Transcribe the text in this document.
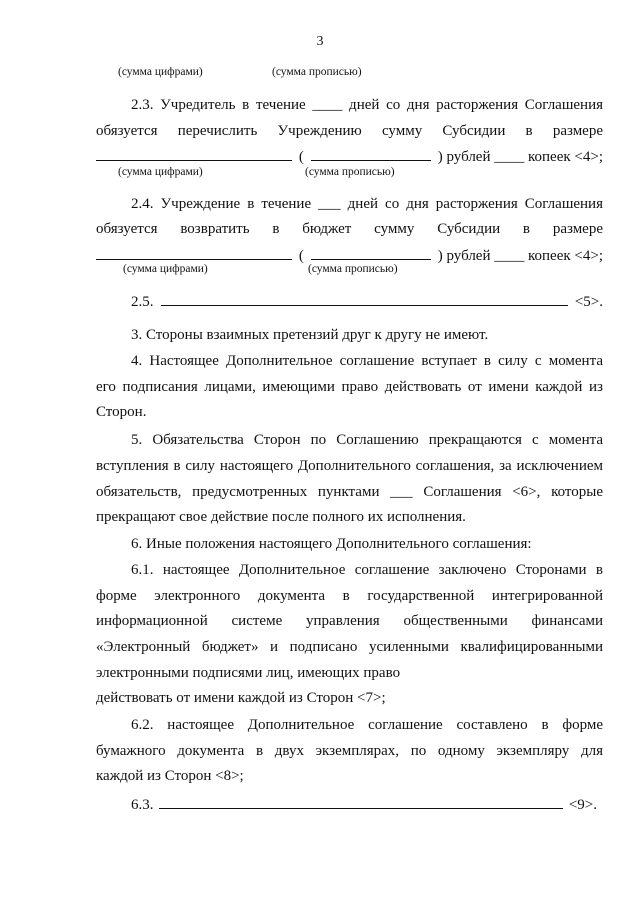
3
(сумма цифрами)	(сумма прописью)
2.3. Учредитель в течение ____ дней со дня расторжения Соглашения
обязуется перечислить Учреждению сумму Субсидии в размере
(	) рублей ____ копеек <4>;
(сумма цифрами)	(сумма прописью)
2.4. Учреждение в течение ___ дней со дня расторжения Соглашения
обязуется возвратить в бюджет сумму Субсидии в размере
(	) рублей ____ копеек <4>;
(сумма цифрами)	(сумма прописью)
2.5.	<5>.
3. Стороны взаимных претензий друг к другу не имеют.
4. Настоящее Дополнительное соглашение вступает в силу с момента
его подписания лицами, имеющими право действовать от имени каждой из
Сторон.
5. Обязательства Сторон по Соглашению прекращаются с момента
вступления в силу настоящего Дополнительного соглашения, за исключением
обязательств, предусмотренных пунктами ___ Соглашения <6>, которые
прекращают свое действие после полного их исполнения.
6. Иные положения настоящего Дополнительного соглашения:
6.1. настоящее Дополнительное соглашение заключено Сторонами в
форме электронного документа в государственной интегрированной
информационной системе управления общественными финансами
«Электронный бюджет» и подписано усиленными квалифицированными
электронными подписями лиц, имеющих право
действовать от имени каждой из Сторон <7>;
6.2. настоящее Дополнительное соглашение составлено в форме
бумажного документа в двух экземплярах, по одному экземпляру для
каждой из Сторон <8>;
6.3.	<9>.
